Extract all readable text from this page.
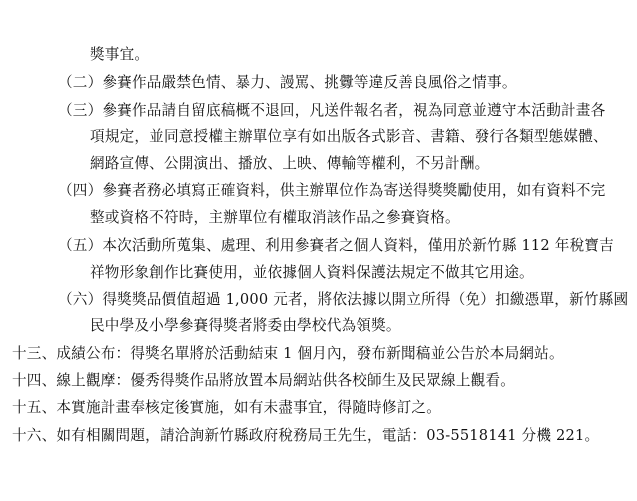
獎事宜。
（二）參賽作品嚴禁色情、暴力、謾罵、挑釁等違反善良風俗之情事。
（三）參賽作品請自留底稿概不退回，凡送件報名者，視為同意並遵守本活動計畫各
項規定，並同意授權主辦單位享有如出版各式影音、書籍、發行各類型態媒體、
網路宣傳、公開演出、播放、上映、傳輸等權利，不另計酬。
（四）參賽者務必填寫正確資料，供主辦單位作為寄送得獎獎勵使用，如有資料不完
整或資格不符時，主辦單位有權取消該作品之參賽資格。
（五）本次活動所蒐集、處理、利用參賽者之個人資料，僅用於新竹縣 112 年稅寶吉
祥物形象創作比賽使用，並依據個人資料保護法規定不做其它用途。
（六）得獎獎品價值超過 1,000 元者，將依法據以開立所得（免）扣繳憑單，新竹縣國
民中學及小學參賽得獎者將委由學校代為領獎。
十三、成績公布：得獎名單將於活動結束 1 個月內，發布新聞稿並公告於本局網站。
十四、線上觀摩：優秀得獎作品將放置本局網站供各校師生及民眾線上觀看。
十五、本實施計畫奉核定後實施，如有未盡事宜，得隨時修訂之。
十六、如有相關問題，請洽詢新竹縣政府稅務局王先生，電話：03-5518141 分機 221。
